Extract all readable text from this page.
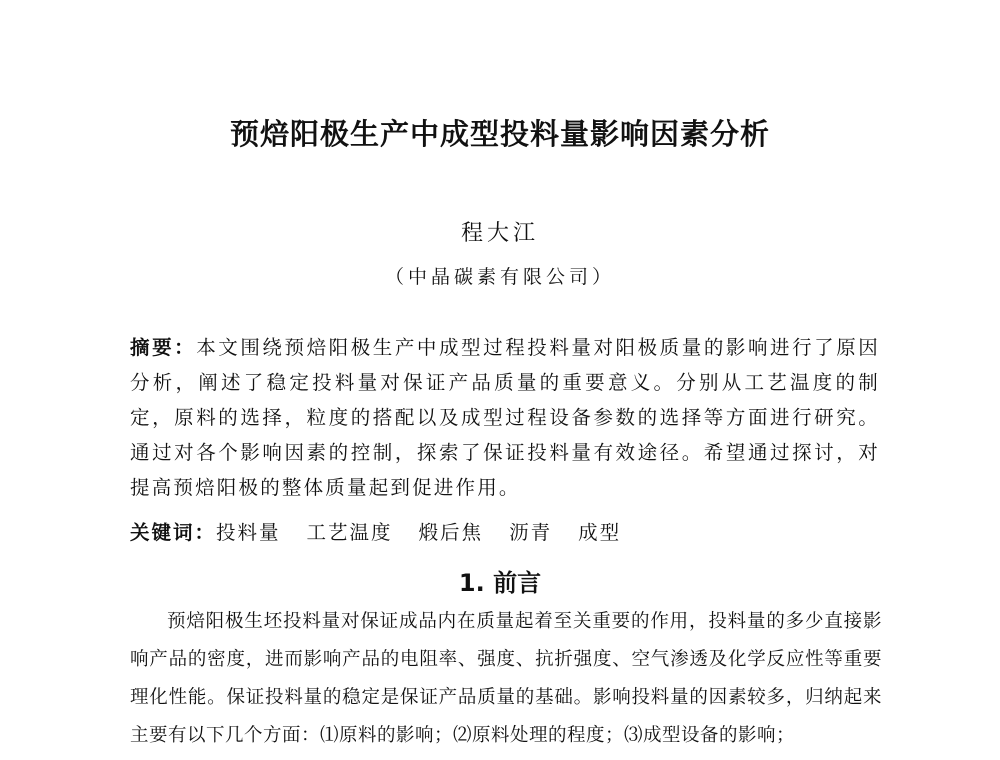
预焙阳极生产中成型投料量影响因素分析
程大江
（中晶碳素有限公司）
摘要：本文围绕预焙阳极生产中成型过程投料量对阳极质量的影响进行了原因分析，阐述了稳定投料量对保证产品质量的重要意义。分别从工艺温度的制定，原料的选择，粒度的搭配以及成型过程设备参数的选择等方面进行研究。通过对各个影响因素的控制，探索了保证投料量有效途径。希望通过探讨，对提高预焙阳极的整体质量起到促进作用。
关键词：投料量 工艺温度 煅后焦 沥青 成型
1. 前言
预焙阳极生坯投料量对保证成品内在质量起着至关重要的作用，投料量的多少直接影响产品的密度，进而影响产品的电阻率、强度、抗折强度、空气渗透及化学反应性等重要理化性能。保证投料量的稳定是保证产品质量的基础。影响投料量的因素较多，归纳起来主要有以下几个方面：⑴原料的影响；⑵原料处理的程度；⑶成型设备的影响；
